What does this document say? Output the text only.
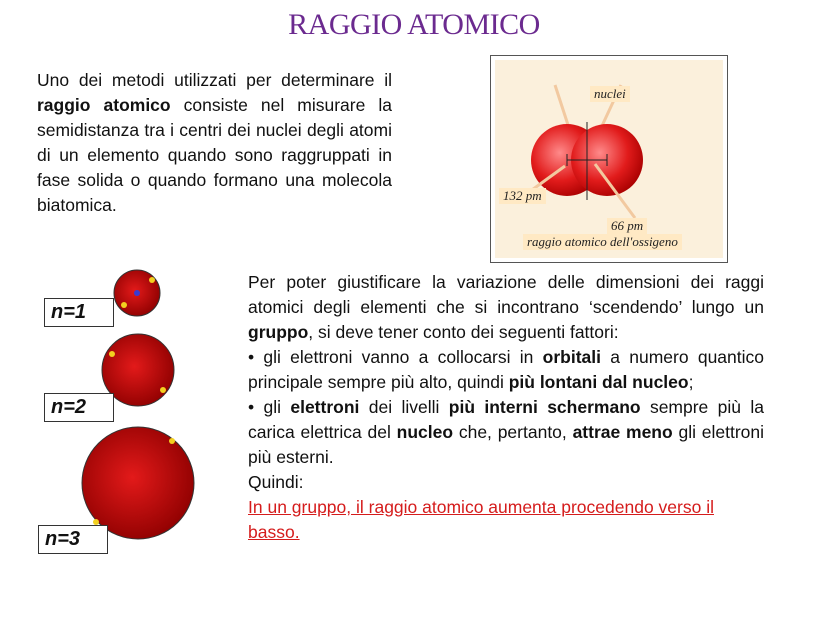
RAGGIO ATOMICO
Uno dei metodi utilizzati per determinare il raggio atomico consiste nel misurare la semidistanza tra i centri dei nuclei degli atomi di un elemento quando sono raggruppati in fase solida o quando formano una molecola biatomica.
nuclei
132 pm
66 pm
raggio atomico dell'ossigeno
n=1
n=2
n=3

Per poter giustificare la variazione delle dimensioni dei raggi atomici degli elementi che si incontrano ‘scendendo’ lungo un gruppo, si deve tener conto dei seguenti fattori:

• gli elettroni vanno a collocarsi in orbitali a numero quantico principale sempre più alto, quindi più lontani dal nucleo;

• gli elettroni dei livelli più interni schermano sempre più la carica elettrica del nucleo che, pertanto, attrae meno gli elettroni più esterni.

Quindi:

In un gruppo, il raggio atomico aumenta procedendo verso il basso.
